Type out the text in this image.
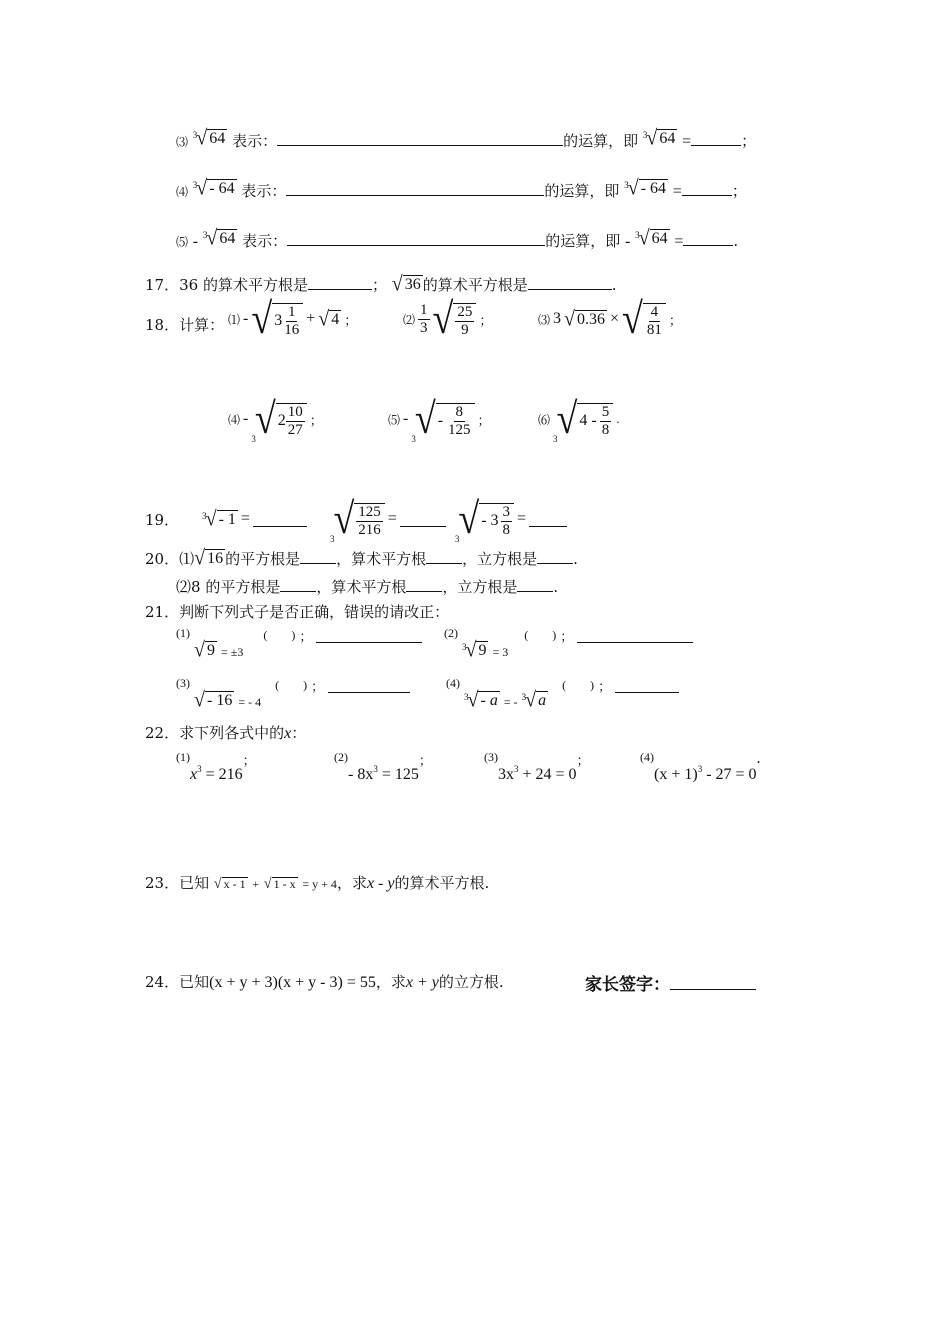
⑶ 3 √ 64 表示：	的运算，即 3 √ 64 =	；
⑷ 3 √ - 64 表示：	的运算，即 3 √ - 64 =	；
⑸ - 3 √ 64 表示：	的运算，即 - 3 √ 64 =	.
17．36 的算术平方根是	； √ 36 的算术平方根是	.
18．计算： ⑴ - √ $3 \frac{1}{16}$ + √ 4 ；	⑵ $\frac{1}{3}$ √ $\frac{25}{9}$ ；	⑶ 3 √ 0.36 × √ $\frac{4}{81}$ ；
⑷ -
3 √ $2 \frac{10}{27}$ ；	⑸ -
3 √ - $\frac{8}{125}$ ；	⑹
3 √ $4 - \frac{5}{8}$ .
19．	3 √ - 1 =
3 √ $\frac{125}{216}$ =
3 √ - $3 \frac{3}{8}$ =
20．⑴ √ 16 的平方根是 ，算术平方根 ，立方根是 .
⑵8 的平方根是 ，算术平方根 ，立方根是 .
21．判断下列式子是否正确，错误的请改正：
(1)
√ 9 = ±3
(　　) ；	(2)
3 √ 9 = 3
(　　) ；
(3)
√ - 16 = - 4
(　　) ；	(4)
3 √ - a = - 3 √ a
(　　) ；
22．求下列各式中的x：
$^{(1)}x^3 = 216^;$	$^{(2)}$- $8x^3 = 125^;$	$^{(3)}3x^3 + 24 = 0^;$	$^{(4)}(x + 1)^3 - 27 = 0$.
23．已知 √ x - 1 + √ 1 - x = y + 4，求x - y的算术平方根.
24．已知(x + y + 3)(x + y - 3) = 55，求x + y的立方根.	家长签字：
